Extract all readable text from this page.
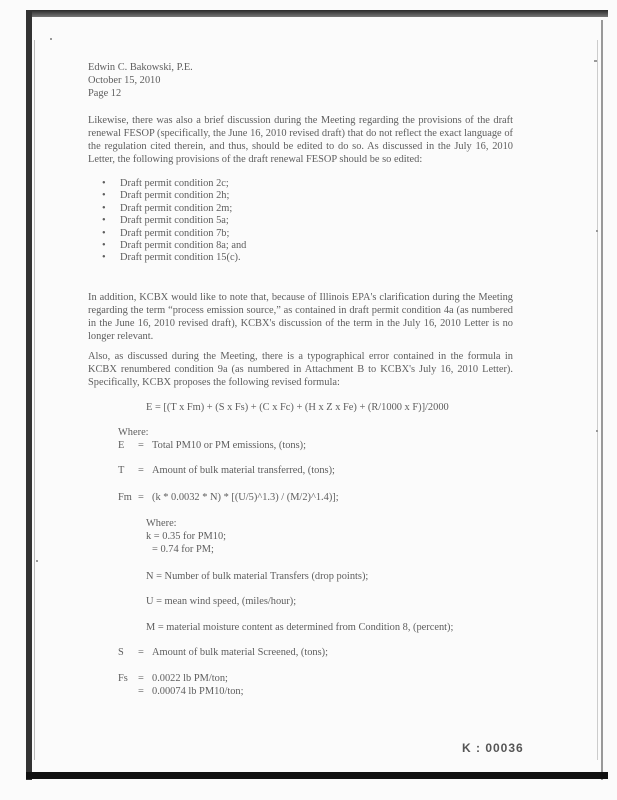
Edwin C. Bakowski, P.E.
October 15, 2010
Page 12
Likewise, there was also a brief discussion during the Meeting regarding the provisions of the draft renewal FESOP (specifically, the June 16, 2010 revised draft) that do not reflect the exact language of the regulation cited therein, and thus, should be edited to do so. As discussed in the July 16, 2010 Letter, the following provisions of the draft renewal FESOP should be so edited:
• Draft permit condition 2c;
• Draft permit condition 2h;
• Draft permit condition 2m;
• Draft permit condition 5a;
• Draft permit condition 7b;
• Draft permit condition 8a; and
• Draft permit condition 15(c).
In addition, KCBX would like to note that, because of Illinois EPA's clarification during the Meeting regarding the term “process emission source,” as contained in draft permit condition 4a (as numbered in the June 16, 2010 revised draft), KCBX's discussion of the term in the July 16, 2010 Letter is no longer relevant.
Also, as discussed during the Meeting, there is a typographical error contained in the formula in KCBX renumbered condition 9a (as numbered in Attachment B to KCBX's July 16, 2010 Letter). Specifically, KCBX proposes the following revised formula:
E = [(T x Fm) + (S x Fs) + (C x Fc) + (H x Z x Fe) + (R/1000 x F)]/2000
Where:
E = Total PM10 or PM emissions, (tons);
T = Amount of bulk material transferred, (tons);
Fm = (k * 0.0032 * N) * [(U/5)^1.3) / (M/2)^1.4)];
Where:
k = 0.35 for PM10;
= 0.74 for PM;
N = Number of bulk material Transfers (drop points);
U = mean wind speed, (miles/hour);
M = material moisture content as determined from Condition 8, (percent);
S = Amount of bulk material Screened, (tons);
Fs = 0.0022 lb PM/ton;
= 0.00074 lb PM10/ton;
K : 00036
